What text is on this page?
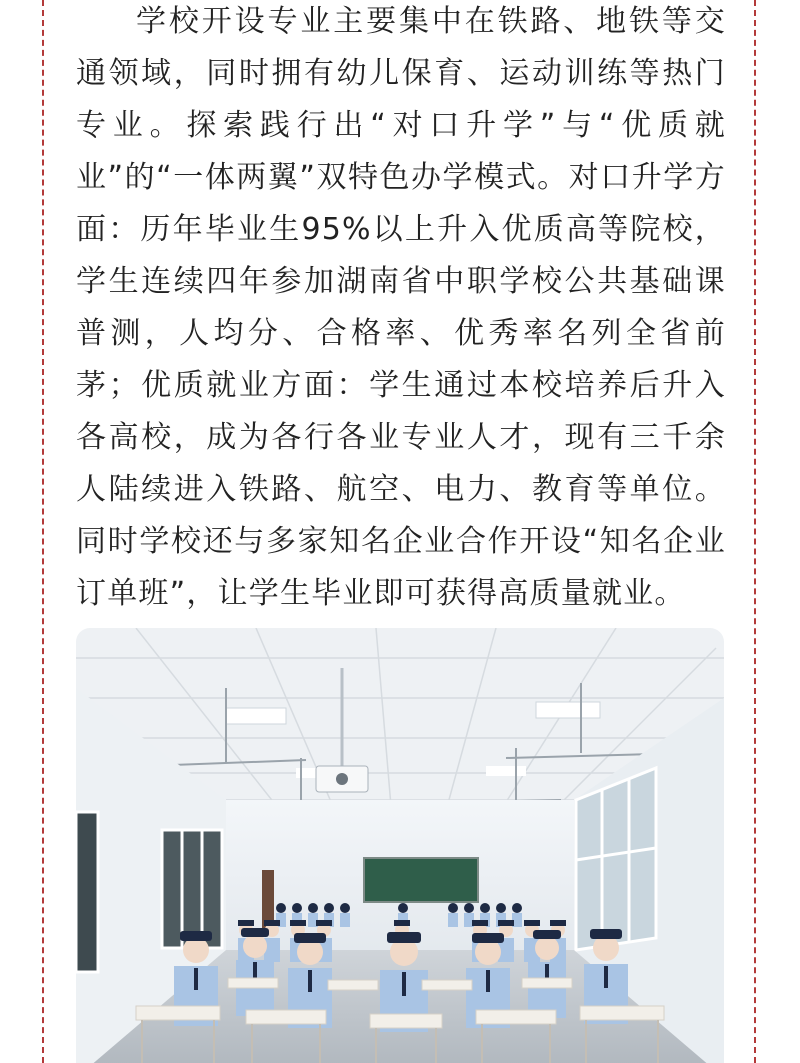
学校开设专业主要集中在铁路、地铁等交通领域，同时拥有幼儿保育、运动训练等热门专业。探索践行出“对口升学”与“优质就业”的“一体两翼”双特色办学模式。对口升学方面：历年毕业生95%以上升入优质高等院校，学生连续四年参加湖南省中职学校公共基础课普测，人均分、合格率、优秀率名列全省前茅；优质就业方面：学生通过本校培养后升入各高校，成为各行各业专业人才，现有三千余人陆续进入铁路、航空、电力、教育等单位。同时学校还与多家知名企业合作开设“知名企业订单班”，让学生毕业即可获得高质量就业。
